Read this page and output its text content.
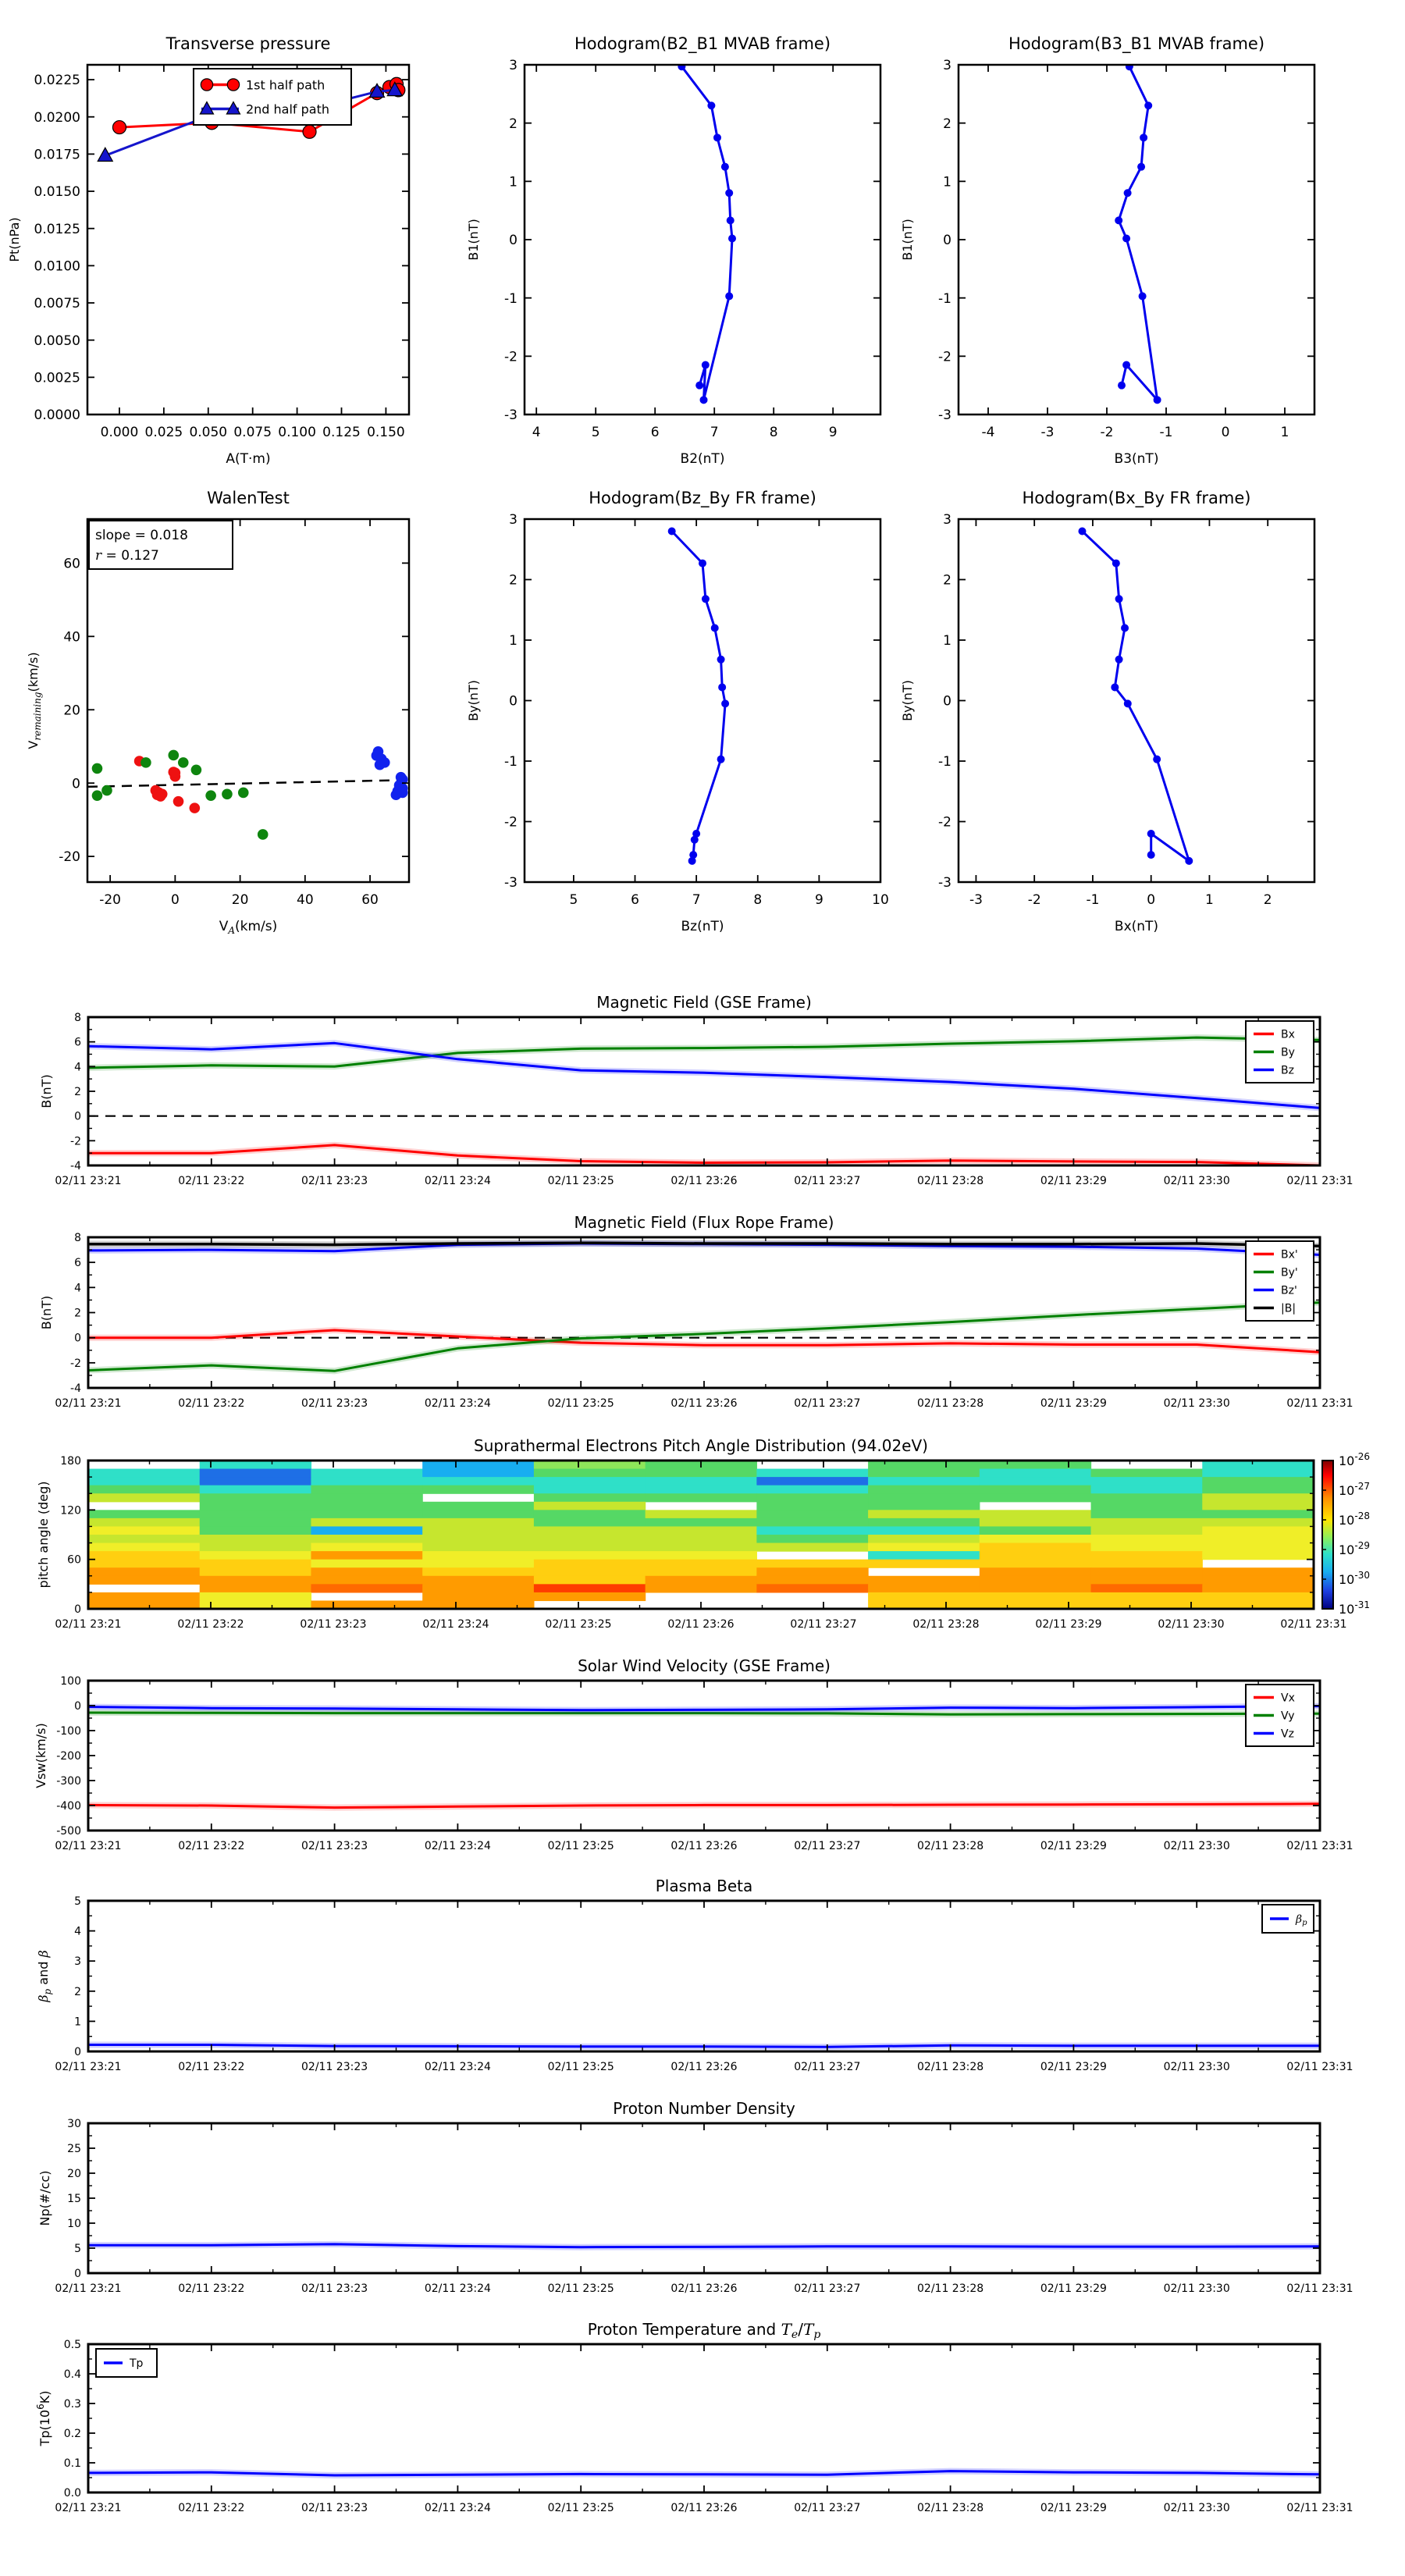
0.000 0.025 0.050 0.075 0.100 0.125 0.150
0.0000
0.0025
0.0050
0.0075
0.0100
0.0125
0.0150
0.0175
0.0200
0.0225
Transverse pressure
A(T·m)
Pt(nPa)
1st half path
2nd half path
4	5	6	7	8	9
-3
-2
-1
0
1
2
3
Hodogram(B2_B1 MVAB frame)
B2(nT)
B1(nT)
-4	-3	-2	-1	0	1
-3
-2
-1
0
1
2
3
Hodogram(B3_B1 MVAB frame)
B3(nT)
B1(nT)
-20	0	20	40	60
-20
0
20
40
60
WalenTest
$V_A(km/s)$
$V_{remaining}(km/s)$
slope = 0.018
r = 0.127
5	6	7	8	9	10
-3
-2
-1
0
1
2
3
Hodogram(Bz_By FR frame)
Bz(nT)
By(nT)
-3	-2	-1	0	1	2
-3
-2
-1
0
1
2
3
Hodogram(Bx_By FR frame)
Bx(nT)
By(nT)
02/11 23:21	02/11 23:22	02/11 23:23	02/11 23:24	02/11 23:25	02/11 23:26	02/11 23:27	02/11 23:28	02/11 23:29	02/11 23:30	02/11 23:31
-4
-2
0
2
4
6
8
Magnetic Field (GSE Frame)
B(nT)
Bx
By
Bz
02/11 23:21	02/11 23:22	02/11 23:23	02/11 23:24	02/11 23:25	02/11 23:26	02/11 23:27	02/11 23:28	02/11 23:29	02/11 23:30	02/11 23:31
-4
-2
0
2
4
6
8
Magnetic Field (Flux Rope Frame)
B(nT)
Bx'
By'
Bz'
|B|
02/11 23:21	02/11 23:22	02/11 23:23	02/11 23:24	02/11 23:25	02/11 23:26	02/11 23:27	02/11 23:28	02/11 23:29	02/11 23:30	02/11 23:31
0
60
120
180
Suprathermal Electrons Pitch Angle Distribution (94.02eV)
pitch angle (deg)
$10^{-26}$
$10^{-27}$
$10^{-28}$
$10^{-29}$
$10^{-30}$
$10^{-31}$
02/11 23:21	02/11 23:22	02/11 23:23	02/11 23:24	02/11 23:25	02/11 23:26	02/11 23:27	02/11 23:28	02/11 23:29	02/11 23:30	02/11 23:31
-500
-400
-300
-200
-100
0
100
Solar Wind Velocity (GSE Frame)
Vsw(km/s)
Vx
Vy
Vz
02/11 23:21	02/11 23:22	02/11 23:23	02/11 23:24	02/11 23:25	02/11 23:26	02/11 23:27	02/11 23:28	02/11 23:29	02/11 23:30	02/11 23:31
0
1
2
3
4
5
Plasma Beta
$\beta_p$ and β
$\beta_p$
02/11 23:21	02/11 23:22	02/11 23:23	02/11 23:24	02/11 23:25	02/11 23:26	02/11 23:27	02/11 23:28	02/11 23:29	02/11 23:30	02/11 23:31
0
5
10
15
20
25
30
Proton Number Density
Np(#/cc)
02/11 23:21	02/11 23:22	02/11 23:23	02/11 23:24	02/11 23:25	02/11 23:26	02/11 23:27	02/11 23:28	02/11 23:29	02/11 23:30	02/11 23:31
0.0
0.1
0.2
0.3
0.4
0.5
Proton Temperature and $T_e/T_p$
$Tp(10^6K)$
Tp
